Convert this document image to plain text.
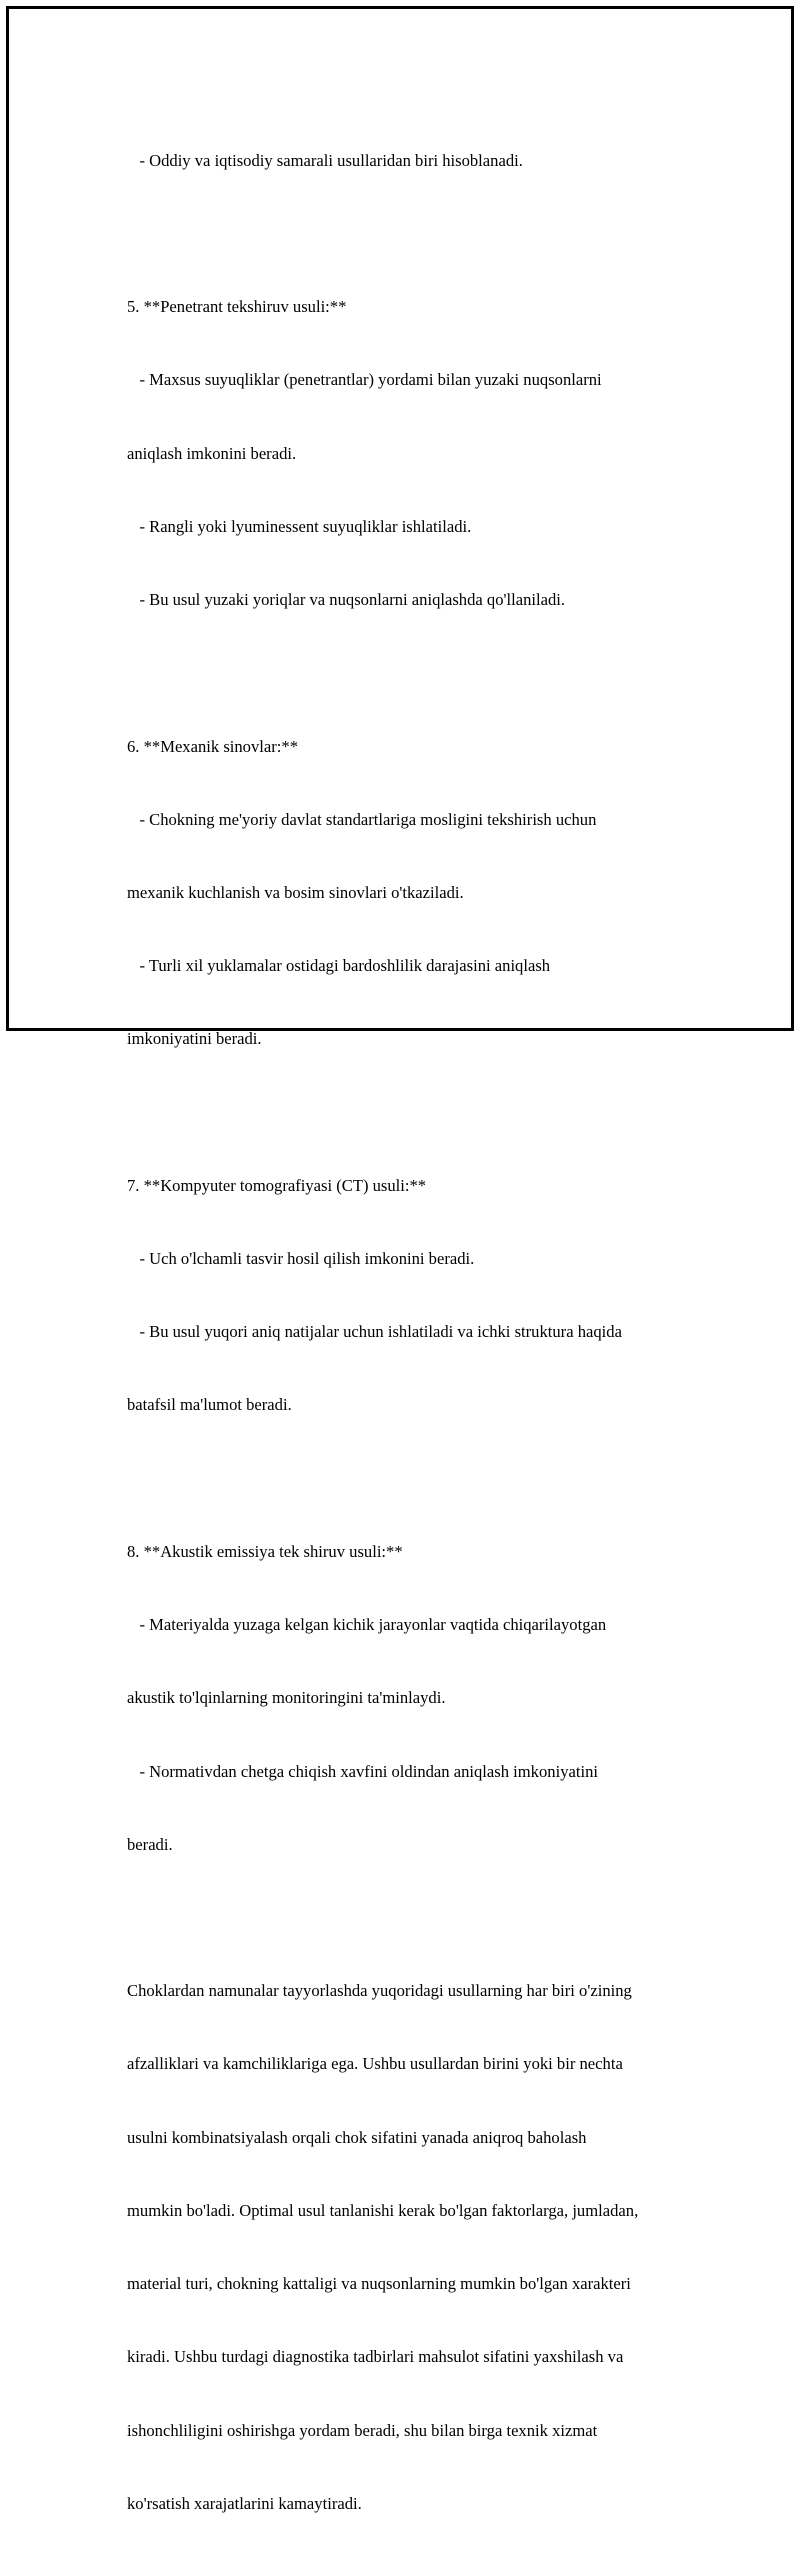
- Oddiy va iqtisodiy samarali usullaridan biri hisoblanadi.

5. **Penetrant tekshiruv usuli:**

- Maxsus suyuqliklar (penetrantlar) yordami bilan yuzaki nuqsonlarni

aniqlash imkonini beradi.

- Rangli yoki lyuminessent suyuqliklar ishlatiladi.

- Bu usul yuzaki yoriqlar va nuqsonlarni aniqlashda qo'llaniladi.

6. **Mexanik sinovlar:**

- Chokning me'yoriy davlat standartlariga mosligini tekshirish uchun

mexanik kuchlanish va bosim sinovlari o'tkaziladi.

- Turli xil yuklamalar ostidagi bardoshlilik darajasini aniqlash

imkoniyatini beradi.

7. **Kompyuter tomografiyasi (CT) usuli:**

- Uch o'lchamli tasvir hosil qilish imkonini beradi.

- Bu usul yuqori aniq natijalar uchun ishlatiladi va ichki struktura haqida

batafsil ma'lumot beradi.

8. **Akustik emissiya tek shiruv usuli:**

- Materiyalda yuzaga kelgan kichik jarayonlar vaqtida chiqarilayotgan

akustik to'lqinlarning monitoringini ta'minlaydi.

- Normativdan chetga chiqish xavfini oldindan aniqlash imkoniyatini

beradi.

Choklardan namunalar tayyorlashda yuqoridagi usullarning har biri o'zining

afzalliklari va kamchiliklariga ega. Ushbu usullardan birini yoki bir nechta

usulni kombinatsiyalash orqali chok sifatini yanada aniqroq baholash

mumkin bo'ladi. Optimal usul tanlanishi kerak bo'lgan faktorlarga, jumladan,

material turi, chokning kattaligi va nuqsonlarning mumkin bo'lgan xarakteri

kiradi. Ushbu turdagi diagnostika tadbirlari mahsulot sifatini yaxshilash va

ishonchliligini oshirishga yordam beradi, shu bilan birga texnik xizmat

ko'rsatish xarajatlarini kamaytiradi.
